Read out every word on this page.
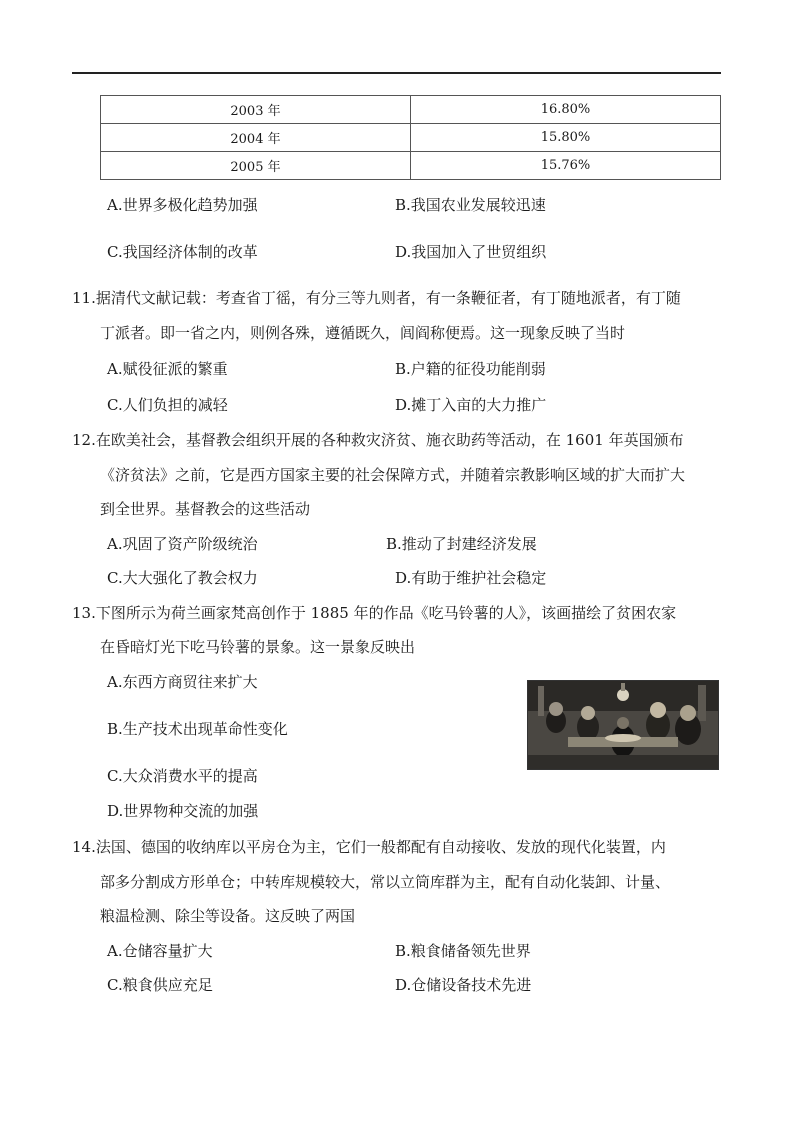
2003 年	16.80%
2004 年	15.80%
2005 年	15.76%
A.世界多极化趋势加强	B.我国农业发展较迅速
C.我国经济体制的改革	D.我国加入了世贸组织
11.据清代文献记载：考查省丁徭，有分三等九则者，有一条鞭征者，有丁随地派者，有丁随
丁派者。即一省之内，则例各殊，遵循既久，闾阎称便焉。这一现象反映了当时
A.赋役征派的繁重	B.户籍的征役功能削弱
C.人们负担的减轻	D.摊丁入亩的大力推广
12.在欧美社会，基督教会组织开展的各种救灾济贫、施衣助药等活动，在 1601 年英国颁布
《济贫法》之前，它是西方国家主要的社会保障方式，并随着宗教影响区域的扩大而扩大
到全世界。基督教会的这些活动
A.巩固了资产阶级统治	B.推动了封建经济发展
C.大大强化了教会权力	D.有助于维护社会稳定
13.下图所示为荷兰画家梵高创作于 1885 年的作品《吃马铃薯的人》，该画描绘了贫困农家
在昏暗灯光下吃马铃薯的景象。这一景象反映出
A.东西方商贸往来扩大
B.生产技术出现革命性变化
C.大众消费水平的提高
D.世界物种交流的加强
14.法国、德国的收纳库以平房仓为主，它们一般都配有自动接收、发放的现代化装置，内
部多分割成方形单仓；中转库规模较大，常以立筒库群为主，配有自动化装卸、计量、
粮温检测、除尘等设备。这反映了两国
A.仓储容量扩大	B.粮食储备领先世界
C.粮食供应充足	D.仓储设备技术先进
